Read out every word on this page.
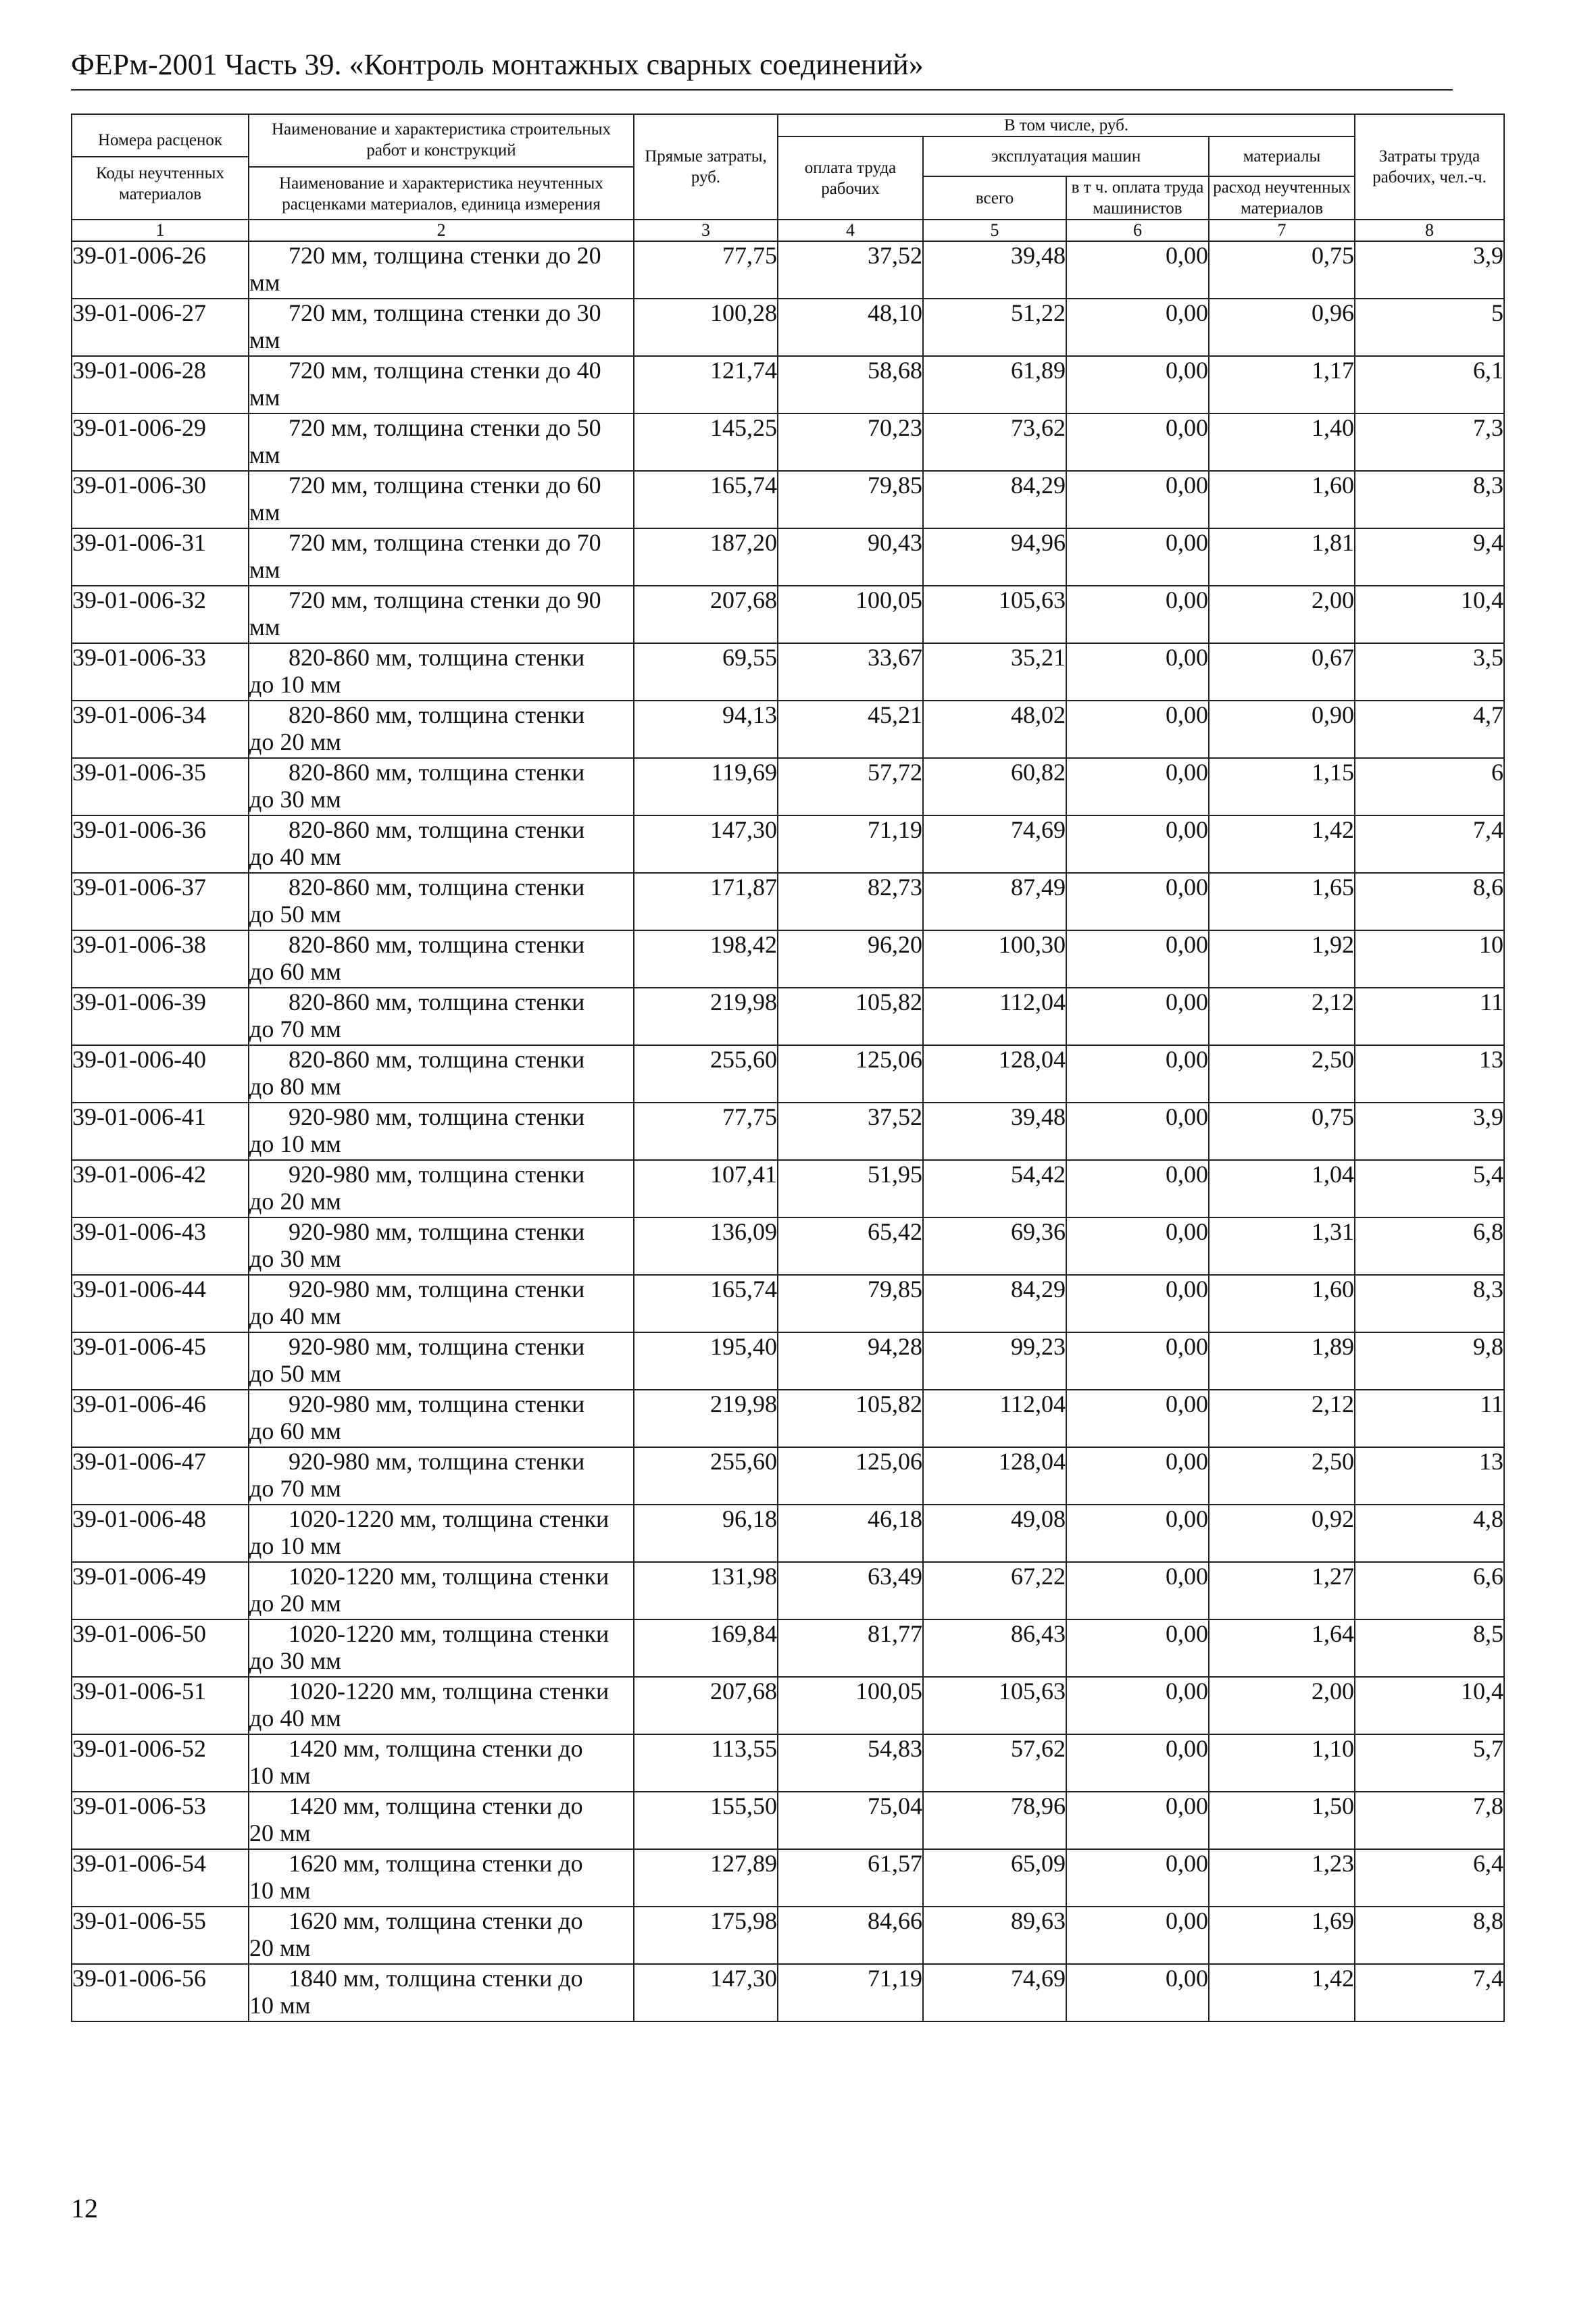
ФЕРм-2001 Часть 39. «Контроль монтажных сварных соединений»
Номера расценок
Коды неучтенных материалов	Наименование и характеристика строительных работ и конструкций
Наименование и характеристика неучтенных расценками материалов, единица измерения	Прямые затраты, руб.	В том числе, руб.				Затраты труда рабочих, чел.-ч.
			оплата труда рабочих	эксплуатация машин		материалы	
				всего	в т ч. оплата труда машинистов	расход неучтенных материалов	
1	2	3	4	5	6	7	8
39-01-006-26	720 мм, толщина стенки до 20
мм	77,75	37,52	39,48	0,00	0,75	3,9
39-01-006-27	720 мм, толщина стенки до 30
мм	100,28	48,10	51,22	0,00	0,96	5
39-01-006-28	720 мм, толщина стенки до 40
мм	121,74	58,68	61,89	0,00	1,17	6,1
39-01-006-29	720 мм, толщина стенки до 50
мм	145,25	70,23	73,62	0,00	1,40	7,3
39-01-006-30	720 мм, толщина стенки до 60
мм	165,74	79,85	84,29	0,00	1,60	8,3
39-01-006-31	720 мм, толщина стенки до 70
мм	187,20	90,43	94,96	0,00	1,81	9,4
39-01-006-32	720 мм, толщина стенки до 90
мм	207,68	100,05	105,63	0,00	2,00	10,4
39-01-006-33	820-860 мм, толщина стенки
до 10 мм	69,55	33,67	35,21	0,00	0,67	3,5
39-01-006-34	820-860 мм, толщина стенки
до 20 мм	94,13	45,21	48,02	0,00	0,90	4,7
39-01-006-35	820-860 мм, толщина стенки
до 30 мм	119,69	57,72	60,82	0,00	1,15	6
39-01-006-36	820-860 мм, толщина стенки
до 40 мм	147,30	71,19	74,69	0,00	1,42	7,4
39-01-006-37	820-860 мм, толщина стенки
до 50 мм	171,87	82,73	87,49	0,00	1,65	8,6
39-01-006-38	820-860 мм, толщина стенки
до 60 мм	198,42	96,20	100,30	0,00	1,92	10
39-01-006-39	820-860 мм, толщина стенки
до 70 мм	219,98	105,82	112,04	0,00	2,12	11
39-01-006-40	820-860 мм, толщина стенки
до 80 мм	255,60	125,06	128,04	0,00	2,50	13
39-01-006-41	920-980 мм, толщина стенки
до 10 мм	77,75	37,52	39,48	0,00	0,75	3,9
39-01-006-42	920-980 мм, толщина стенки
до 20 мм	107,41	51,95	54,42	0,00	1,04	5,4
39-01-006-43	920-980 мм, толщина стенки
до 30 мм	136,09	65,42	69,36	0,00	1,31	6,8
39-01-006-44	920-980 мм, толщина стенки
до 40 мм	165,74	79,85	84,29	0,00	1,60	8,3
39-01-006-45	920-980 мм, толщина стенки
до 50 мм	195,40	94,28	99,23	0,00	1,89	9,8
39-01-006-46	920-980 мм, толщина стенки
до 60 мм	219,98	105,82	112,04	0,00	2,12	11
39-01-006-47	920-980 мм, толщина стенки
до 70 мм	255,60	125,06	128,04	0,00	2,50	13
39-01-006-48	1020-1220 мм, толщина стенки
до 10 мм	96,18	46,18	49,08	0,00	0,92	4,8
39-01-006-49	1020-1220 мм, толщина стенки
до 20 мм	131,98	63,49	67,22	0,00	1,27	6,6
39-01-006-50	1020-1220 мм, толщина стенки
до 30 мм	169,84	81,77	86,43	0,00	1,64	8,5
39-01-006-51	1020-1220 мм, толщина стенки
до 40 мм	207,68	100,05	105,63	0,00	2,00	10,4
39-01-006-52	1420 мм, толщина стенки до
10 мм	113,55	54,83	57,62	0,00	1,10	5,7
39-01-006-53	1420 мм, толщина стенки до
20 мм	155,50	75,04	78,96	0,00	1,50	7,8
39-01-006-54	1620 мм, толщина стенки до
10 мм	127,89	61,57	65,09	0,00	1,23	6,4
39-01-006-55	1620 мм, толщина стенки до
20 мм	175,98	84,66	89,63	0,00	1,69	8,8
39-01-006-56	1840 мм, толщина стенки до
10 мм	147,30	71,19	74,69	0,00	1,42	7,4
12
